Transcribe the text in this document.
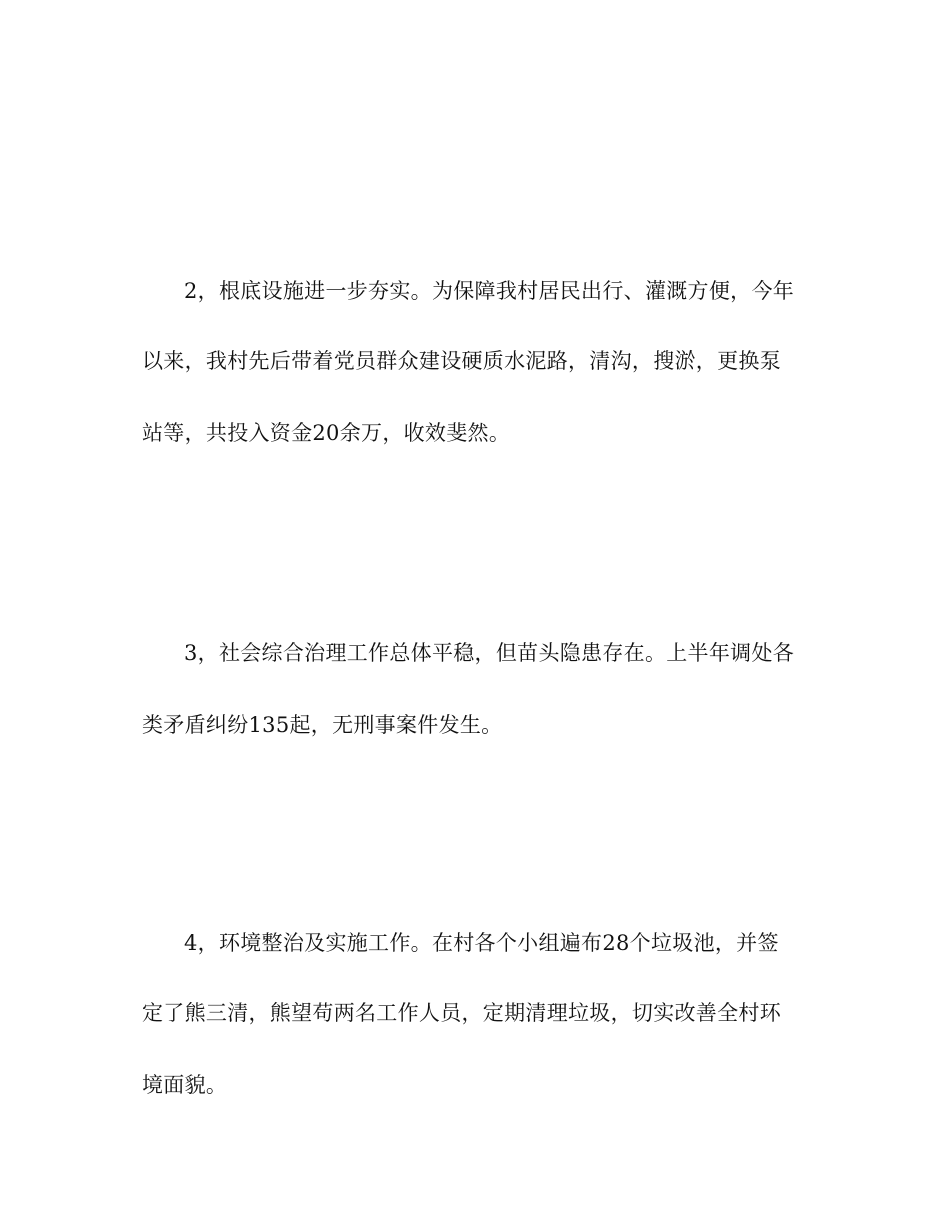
2，根底设施进一步夯实。为保障我村居民出行、灌溉方便，今年
以来，我村先后带着党员群众建设硬质水泥路，清沟，搜淤，更换泵
站等，共投入资金20余万，收效斐然。
3，社会综合治理工作总体平稳，但苗头隐患存在。上半年调处各
类矛盾纠纷135起，无刑事案件发生。
4，环境整治及实施工作。在村各个小组遍布28个垃圾池，并签
定了熊三清，熊望苟两名工作人员，定期清理垃圾，切实改善全村环
境面貌。
